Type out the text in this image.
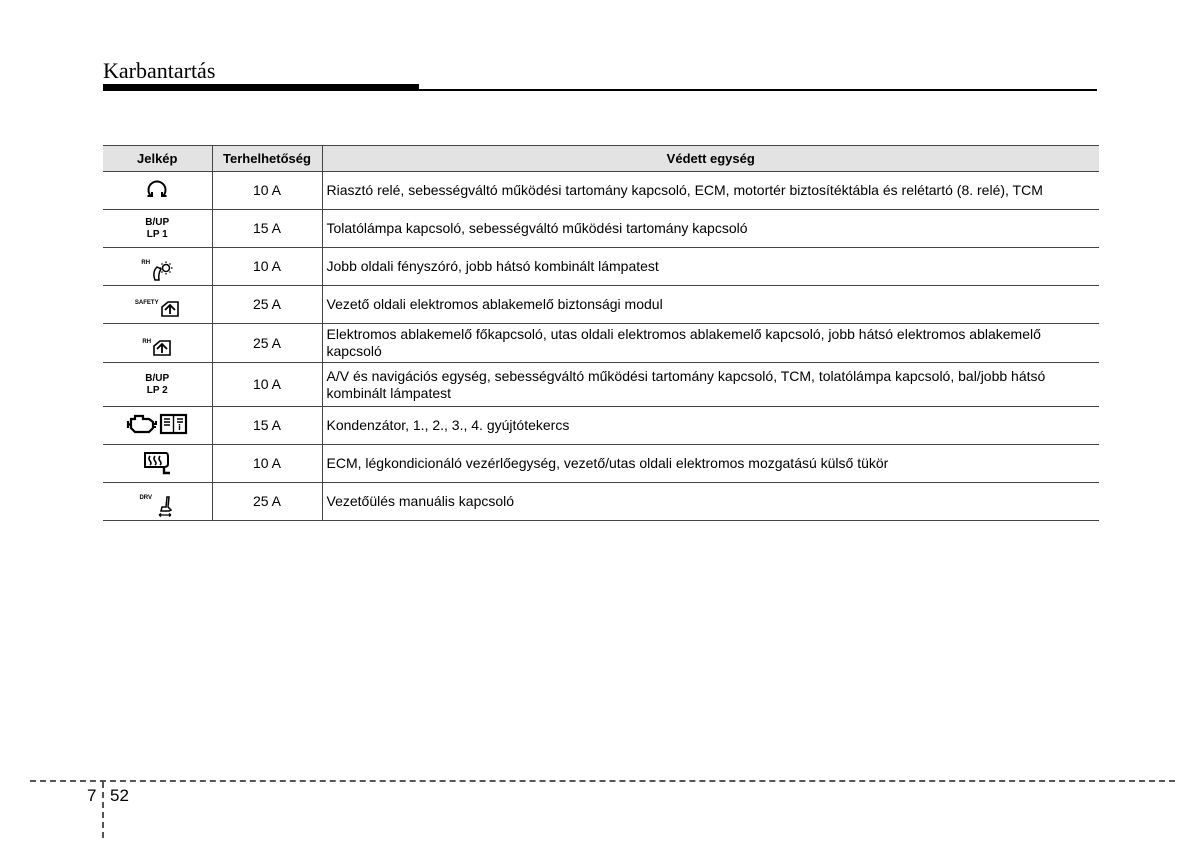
Karbantartás
Jelkép	Terhelhetőség	Védett egység

	10 A	Riasztó relé, sebességváltó működési tartomány kapcsoló, ECM, motortér biztosítéktábla és relétartó (8. relé), TCM
B/UP
LP 1	15 A	Tolatólámpa kapcsoló, sebességváltó működési tartomány kapcsoló

RH	10 A	Jobb oldali fényszóró, jobb hátsó kombinált lámpatest

SAFETY	25 A	Vezető oldali elektromos ablakemelő biztonsági modul

RH	25 A	Elektromos ablakemelő főkapcsoló, utas oldali elektromos ablakemelő kapcsoló, jobb hátsó elektromos ablakemelő kapcsoló
B/UP
LP 2	10 A	A/V és navigációs egység, sebességváltó működési tartomány kapcsoló, TCM, tolatólámpa kapcsoló, bal/jobb hátsó kombinált lámpatest

i	15 A	Kondenzátor, 1., 2., 3., 4. gyújtótekercs

	10 A	ECM, légkondicionáló vezérlőegység, vezető/utas oldali elektromos mozgatású külső tükör

DRV	25 A	Vezetőülés manuális kapcsoló
7 52
